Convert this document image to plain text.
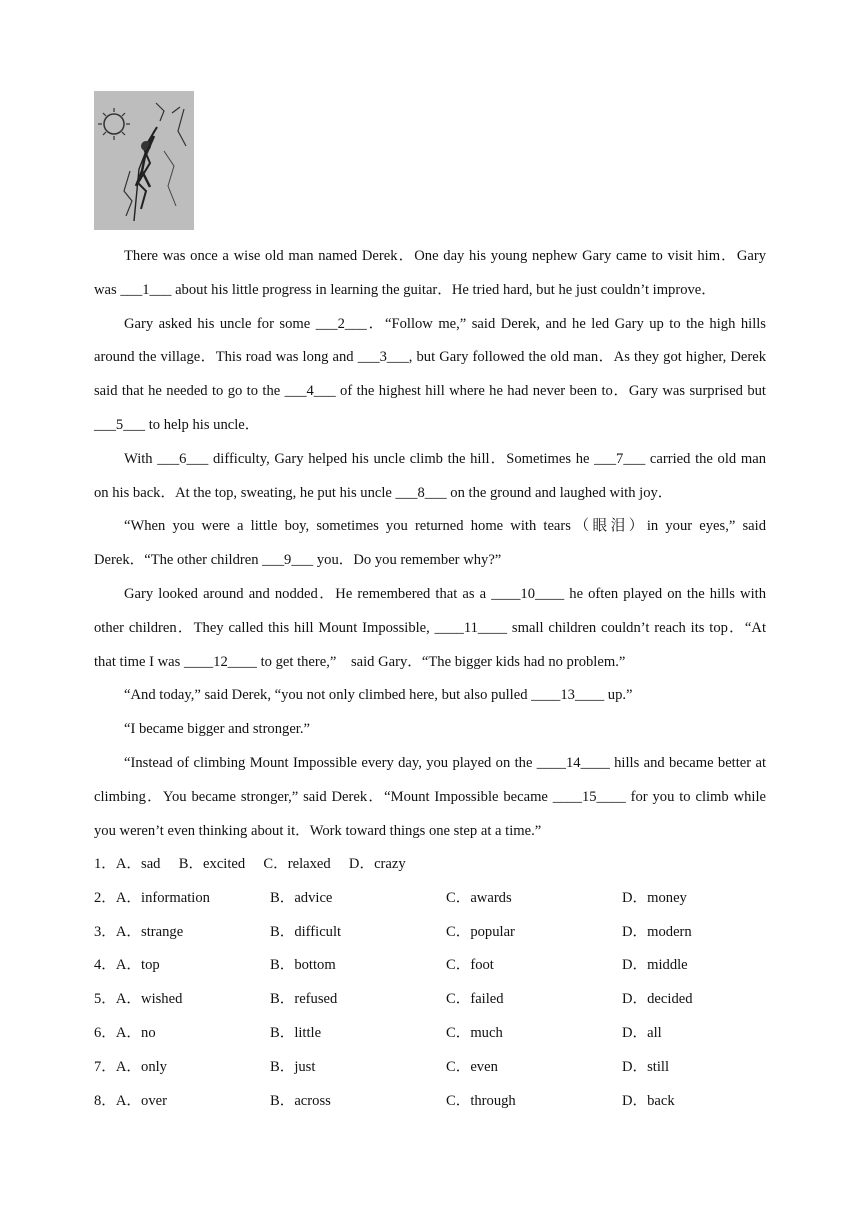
There was once a wise old man named Derek．One day his young nephew Gary came to visit him．Gary was ___1___ about his little progress in learning the guitar．He tried hard, but he just couldn’t improve．

Gary asked his uncle for some ___2___．“Follow me,” said Derek, and he led Gary up to the high hills around the village．This road was long and ___3___, but Gary followed the old man．As they got higher, Derek said that he needed to go to the ___4___ of the highest hill where he had never been to．Gary was surprised but ___5___ to help his uncle．

With ___6___ difficulty, Gary helped his uncle climb the hill．Sometimes he ___7___ carried the old man on his back．At the top, sweating, he put his uncle ___8___ on the ground and laughed with joy．

“When you were a little boy, sometimes you returned home with tears（眼泪）in your eyes,” said Derek．“The other children ___9___ you．Do you remember why?”

Gary looked around and nodded．He remembered that as a ____10____ he often played on the hills with other children．They called this hill Mount Impossible, ____11____ small children couldn’t reach its top．“At that time I was ____12____ to get there,”　said Gary．“The bigger kids had no problem.”

“And today,” said Derek, “you not only climbed here, but also pulled ____13____ up.”

“I became bigger and stronger.”

“Instead of climbing Mount Impossible every day, you played on the ____14____ hills and became better at climbing．You became stronger,” said Derek．“Mount Impossible became ____15____ for you to climb while you weren’t even thinking about it．Work toward things one step at a time.”

1．A．sad　 B．excited　 C．relaxed　 D．crazy
2．A．information	B．advice	C．awards	D．money
3．A．strange	B．difficult	C．popular	D．modern
4．A．top	B．bottom	C．foot	D．middle
5．A．wished	B．refused	C．failed	D．decided
6．A．no	B．little	C．much	D．all
7．A．only	B．just	C．even	D．still
8．A．over	B．across	C．through	D．back
